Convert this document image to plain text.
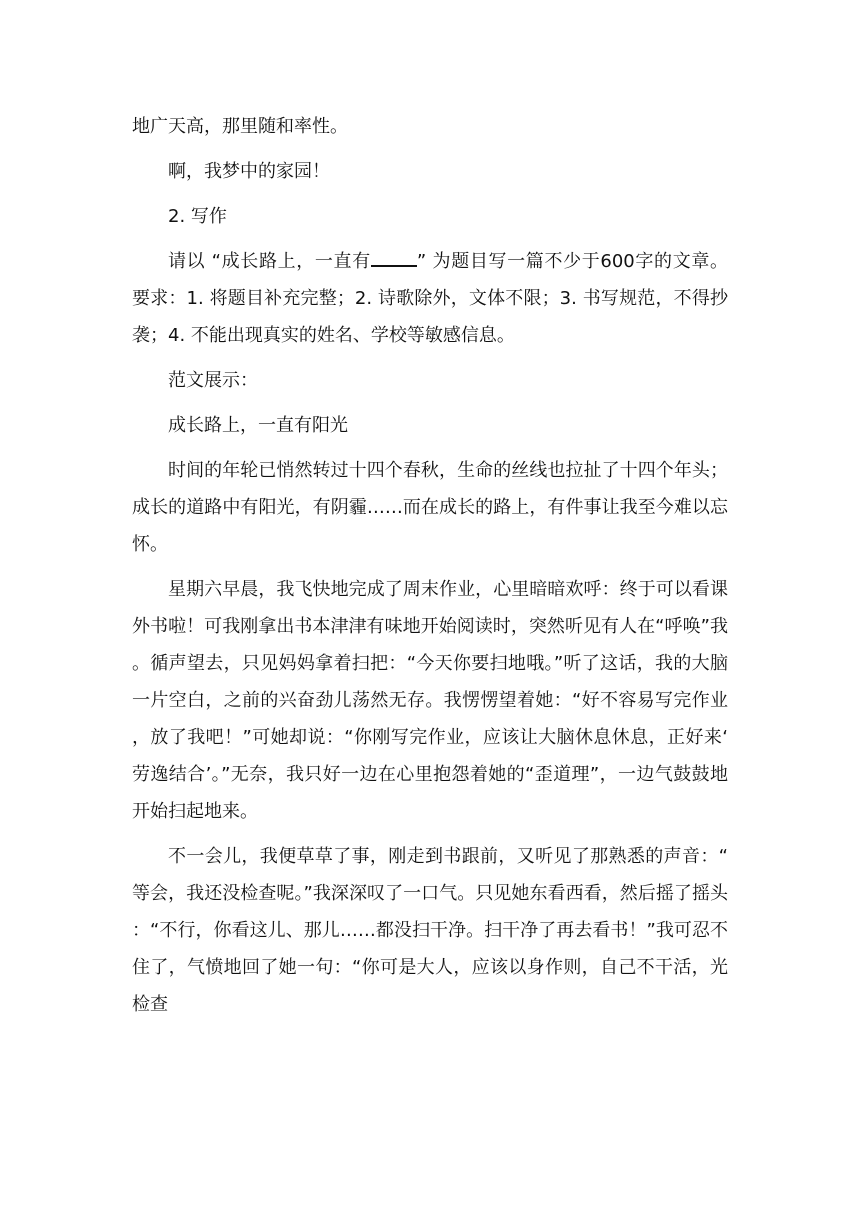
地广天高，那里随和率性。

啊，我梦中的家园！

2. 写作

请以 “成长路上，一直有	” 为题目写一篇不少于600字的文章。要求：1. 将题目补充完整；2. 诗歌除外，文体不限；3. 书写规范，不得抄袭；4. 不能出现真实的姓名、学校等敏感信息。

范文展示：

成长路上，一直有阳光

时间的年轮已悄然转过十四个春秋，生命的丝线也拉扯了十四个年头；成长的道路中有阳光，有阴霾……而在成长的路上，有件事让我至今难以忘怀。

星期六早晨，我飞快地完成了周末作业，心里暗暗欢呼：终于可以看课外书啦！可我刚拿出书本津津有味地开始阅读时，突然听见有人在“呼唤”我。循声望去，只见妈妈拿着扫把：“今天你要扫地哦。”听了这话，我的大脑一片空白，之前的兴奋劲儿荡然无存。我愣愣望着她：“好不容易写完作业，放了我吧！”可她却说：“你刚写完作业，应该让大脑休息休息，正好来‘劳逸结合’。”无奈，我只好一边在心里抱怨着她的“歪道理”，一边气鼓鼓地开始扫起地来。

不一会儿，我便草草了事，刚走到书跟前，又听见了那熟悉的声音：“等会，我还没检查呢。”我深深叹了一口气。只见她东看西看，然后摇了摇头：“不行，你看这儿、那儿……都没扫干净。扫干净了再去看书！”我可忍不住了，气愤地回了她一句：“你可是大人，应该以身作则，自己不干活，光检查
